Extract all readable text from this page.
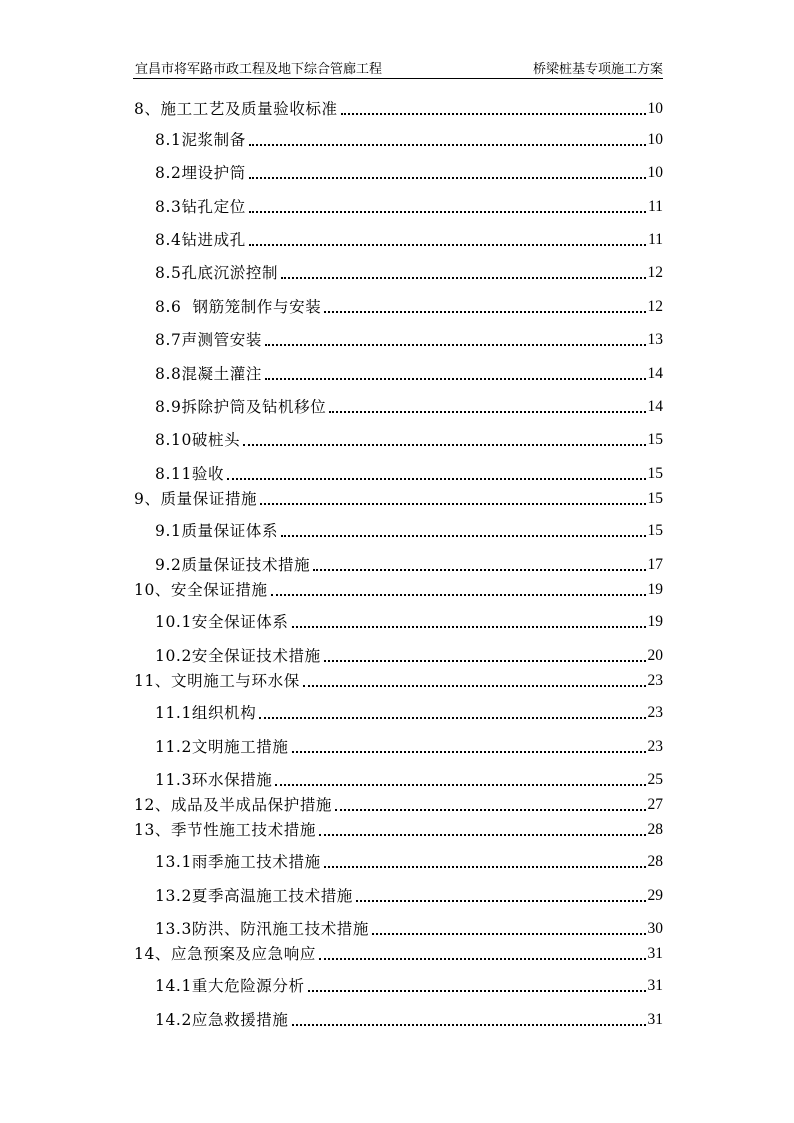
宜昌市将军路市政工程及地下综合管廊工程	桥梁桩基专项施工方案
8、施工工艺及质量验收标准	10
8.1泥浆制备	10
8.2埋设护筒	10
8.3钻孔定位	11
8.4钻进成孔	11
8.5孔底沉淤控制	12
8.6  钢筋笼制作与安装	12
8.7声测管安装	13
8.8混凝土灌注	14
8.9拆除护筒及钻机移位	14
8.10破桩头	15
8.11验收	15
9、质量保证措施	15
9.1质量保证体系	15
9.2质量保证技术措施	17
10、安全保证措施	19
10.1安全保证体系	19
10.2安全保证技术措施	20
11、文明施工与环水保	23
11.1组织机构	23
11.2文明施工措施	23
11.3环水保措施	25
12、成品及半成品保护措施	27
13、季节性施工技术措施	28
13.1雨季施工技术措施	28
13.2夏季高温施工技术措施	29
13.3防洪、防汛施工技术措施	30
14、应急预案及应急响应	31
14.1重大危险源分析	31
14.2应急救援措施	31
